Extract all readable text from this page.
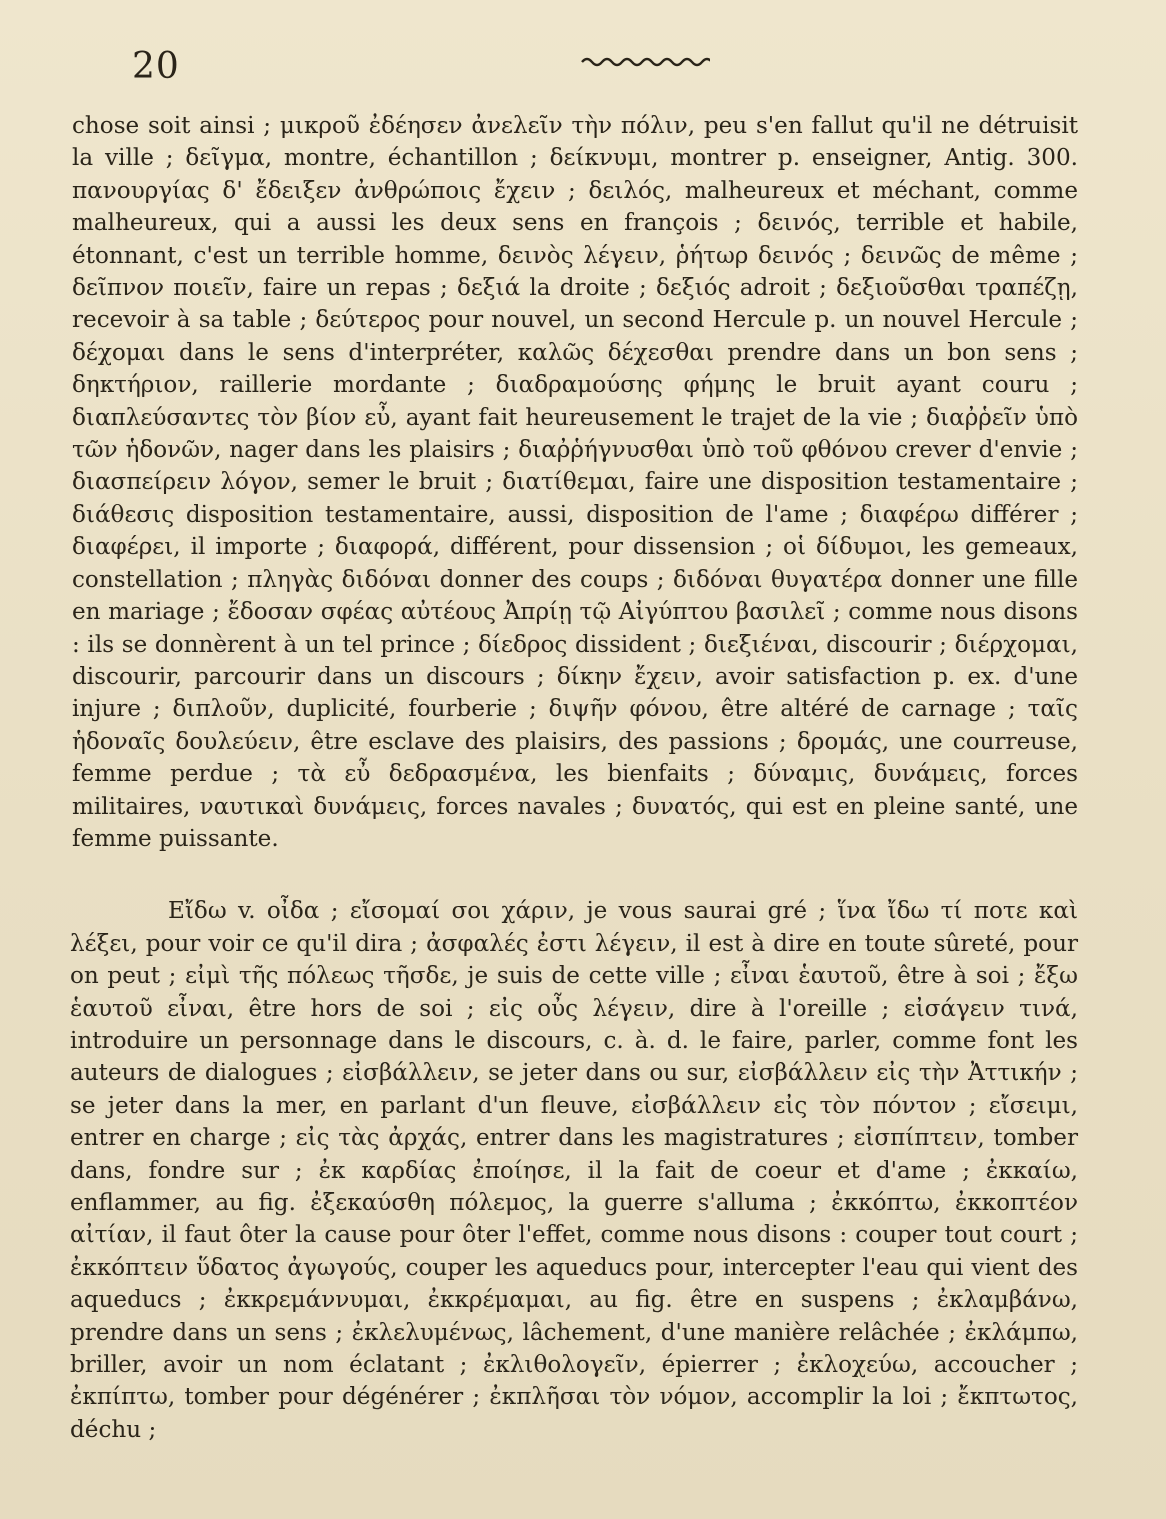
20

chose soit ainsi ; μικροῦ ἐδέησεν ἀνελεῖν τὴν πόλιν, peu s'en fallut qu'il ne détruisit la ville ; δεῖγμα, montre, échantillon ; δείκνυμι, montrer p. enseigner, Antig. 300. πανουργίας δ' ἔδειξεν ἀνθρώποις ἔχειν ; δειλός, malheureux et méchant, comme malheureux, qui a aussi les deux sens en françois ; δεινός, terrible et habile, étonnant, c'est un terrible homme, δεινὸς λέγειν, ῥήτωρ δεινός ; δεινῶς de même ; δεῖπνον ποιεῖν, faire un repas ; δεξιά la droite ; δεξιός adroit ; δεξιοῦσθαι τραπέζῃ, recevoir à sa table ; δεύτερος pour nouvel, un second Hercule p. un nouvel Hercule ; δέχομαι dans le sens d'interpréter, καλῶς δέχεσθαι prendre dans un bon sens ; δηκτήριον, raillerie mordante ; διαδραμούσης φήμης le bruit ayant couru ; διαπλεύσαντες τὸν βίον εὖ, ayant fait heureusement le trajet de la vie ; διαῤῥεῖν ὑπὸ τῶν ἡδονῶν, nager dans les plaisirs ; διαῤῥήγνυσθαι ὑπὸ τοῦ φθόνου crever d'envie ; διασπείρειν λόγον, semer le bruit ; διατίθεμαι, faire une disposition testamentaire ; διάθεσις disposition testamentaire, aussi, disposition de l'ame ; διαφέρω différer ; διαφέρει, il importe ; διαφορά, différent, pour dissension ; οἱ δίδυμοι, les gemeaux, constellation ; πληγὰς διδόναι donner des coups ; διδόναι θυγατέρα donner une fille en mariage ; ἔδοσαν σφέας αὐτέους Ἀπρίῃ τῷ Αἰγύπτου βασιλεῖ ; comme nous disons : ils se donnèrent à un tel prince ; δίεδρος dissident ; διεξιέναι, discourir ; διέρχομαι, discourir, parcourir dans un discours ; δίκην ἔχειν, avoir satisfaction p. ex. d'une injure ; διπλοῦν, duplicité, fourberie ; διψῆν φόνου, être altéré de carnage ; ταῖς ἡδοναῖς δουλεύειν, être esclave des plaisirs, des passions ; δρομάς, une courreuse, femme perdue ; τὰ εὖ δεδρασμένα, les bienfaits ; δύναμις, δυνάμεις, forces militaires, ναυτικαὶ δυνάμεις, forces navales ; δυνατός, qui est en pleine santé, une femme puissante.

Εἴδω v. οἶδα ; εἴσομαί σοι χάριν, je vous saurai gré ; ἵνα ἴδω τί ποτε καὶ λέξει, pour voir ce qu'il dira ; ἀσφαλές ἐστι λέγειν, il est à dire en toute sûreté, pour on peut ; εἰμὶ τῆς πόλεως τῆσδε, je suis de cette ville ; εἶναι ἑαυτοῦ, être à soi ; ἔξω ἑαυτοῦ εἶναι, être hors de soi ; εἰς οὖς λέγειν, dire à l'oreille ; εἰσάγειν τινά, introduire un personnage dans le discours, c. à. d. le faire, parler, comme font les auteurs de dialogues ; εἰσβάλλειν, se jeter dans ou sur, εἰσβάλλειν εἰς τὴν Ἀττικήν ; se jeter dans la mer, en parlant d'un fleuve, εἰσβάλλειν εἰς τὸν πόντον ; εἴσειμι, entrer en charge ; εἰς τὰς ἀρχάς, entrer dans les magistratures ; εἰσπίπτειν, tomber dans, fondre sur ; ἐκ καρδίας ἐποίησε, il la fait de coeur et d'ame ; ἐκκαίω, enflammer, au fig. ἐξεκαύσθη πόλεμος, la guerre s'alluma ; ἐκκόπτω, ἐκκοπτέον αἰτίαν, il faut ôter la cause pour ôter l'effet, comme nous disons : couper tout court ; ἐκκόπτειν ὕδατος ἀγωγούς, couper les aqueducs pour, intercepter l'eau qui vient des aqueducs ; ἐκκρεμάννυμαι, ἐκκρέμαμαι, au fig. être en suspens ; ἐκλαμβάνω, prendre dans un sens ; ἐκλελυμένως, lâchement, d'une manière relâchée ; ἐκλάμπω, briller, avoir un nom éclatant ; ἐκλιθολογεῖν, épierrer ; ἐκλοχεύω, accoucher ; ἐκπίπτω, tomber pour dégénérer ; ἐκπλῆσαι τὸν νόμον, accomplir la loi ; ἔκπτωτος, déchu ;
